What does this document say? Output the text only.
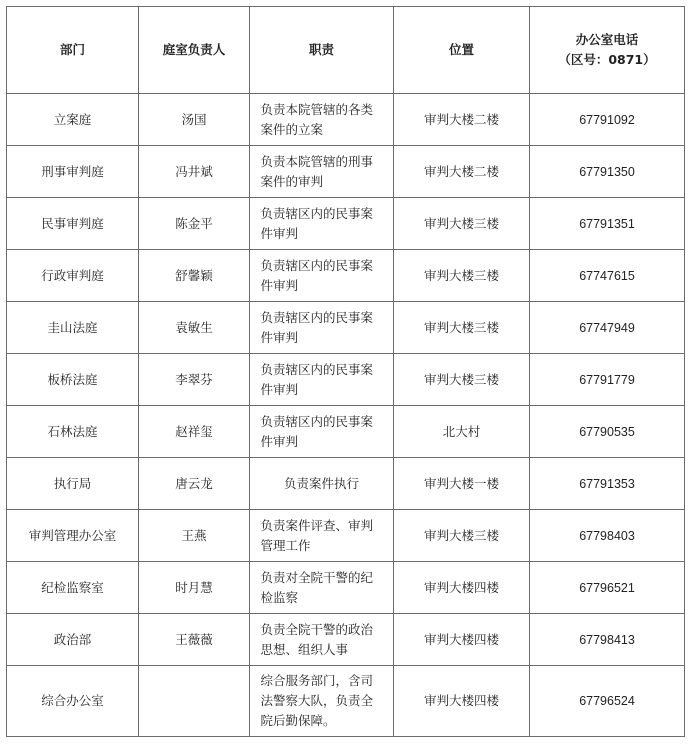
部门	庭室负责人	职责	位置	办公室电话
（区号：0871）

立案庭	汤国	负责本院管辖的各类案件的立案	审判大楼二楼	67791092
刑事审判庭	冯井斌	负责本院管辖的刑事案件的审判	审判大楼二楼	67791350
民事审判庭	陈金平	负责辖区内的民事案件审判	审判大楼三楼	67791351
行政审判庭	舒馨颖	负责辖区内的民事案件审判	审判大楼三楼	67747615
圭山法庭	袁敏生	负责辖区内的民事案件审判	审判大楼三楼	67747949
板桥法庭	李翠芬	负责辖区内的民事案件审判	审判大楼三楼	67791779
石林法庭	赵祥玺	负责辖区内的民事案件审判	北大村	67790535
执行局	唐云龙	负责案件执行	审判大楼一楼	67791353
审判管理办公室	王燕	负责案件评查、审判管理工作	审判大楼三楼	67798403
纪检监察室	时月慧	负责对全院干警的纪检监察	审判大楼四楼	67796521
政治部	王薇薇	负责全院干警的政治思想、组织人事	审判大楼四楼	67798413
综合办公室		综合服务部门，含司法警察大队，负责全院后勤保障。	审判大楼四楼	67796524
